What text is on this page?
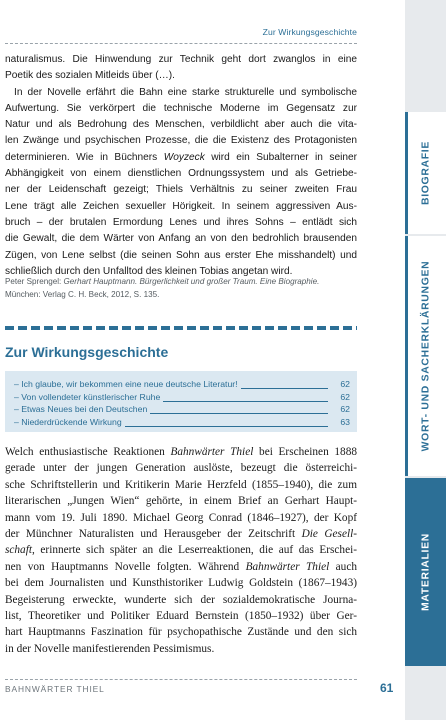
Zur Wirkungsgeschichte
naturalismus. Die Hinwendung zur Technik geht dort zwanglos in eine
Poetik des sozialen Mitleids über (…).
In der Novelle erfährt die Bahn eine starke strukturelle und symbolische
Aufwertung. Sie verkörpert die technische Moderne im Gegensatz zur
Natur und als Bedrohung des Menschen, verbildlicht aber auch die vita-
len Zwänge und psychischen Prozesse, die die Existenz des Protagonisten
determinieren. Wie in Büchners Woyzeck wird ein Subalterner in seiner
Abhängigkeit von einem dienstlichen Ordnungssystem und als Getriebe-
ner der Leidenschaft gezeigt; Thiels Verhältnis zu seiner zweiten Frau
Lene trägt alle Zeichen sexueller Hörigkeit. In seinem aggressiven Aus-
bruch – der brutalen Ermordung Lenes und ihres Sohns – entlädt sich
die Gewalt, die dem Wärter von Anfang an von den bedrohlich brausenden
Zügen, von Lene selbst (die seinen Sohn aus erster Ehe misshandelt) und
schließlich durch den Unfalltod des kleinen Tobias angetan wird.
Peter Sprengel: Gerhart Hauptmann. Bürgerlichkeit und großer Traum. Eine Biographie.
München: Verlag C. H. Beck, 2012, S. 135.
Zur Wirkungsgeschichte
– Ich glaube, wir bekommen eine neue deutsche Literatur!	62
– Von vollendeter künstlerischer Ruhe	62
– Etwas Neues bei den Deutschen	62
– Niederdrückende Wirkung	63
Welch enthusiastische Reaktionen Bahnwärter Thiel bei Erscheinen 1888
gerade unter der jungen Generation auslöste, bezeugt die österreichi-
sche Schriftstellerin und Kritikerin Marie Herzfeld (1855–1940), die zum
literarischen „Jungen Wien“ gehörte, in einem Brief an Gerhart Haupt-
mann vom 19. Juli 1890. Michael Georg Conrad (1846–1927), der Kopf
der Münchner Naturalisten und Herausgeber der Zeitschrift Die Gesell-
schaft, erinnerte sich später an die Leserreaktionen, die auf das Erschei-
nen von Hauptmanns Novelle folgten. Während Bahnwärter Thiel auch
bei dem Journalisten und Kunsthistoriker Ludwig Goldstein (1867–1943)
Begeisterung erweckte, wunderte sich der sozialdemokratische Journa-
list, Theoretiker und Politiker Eduard Bernstein (1850–1932) über Ger-
hart Hauptmanns Faszination für psychopathische Zustände und den sich
in der Novelle manifestierenden Pessimismus.
BAHNWÄRTER THIEL	61
BIOGRAFIE
WORT- UND SACHERKLÄRUNGEN
MATERIALIEN
